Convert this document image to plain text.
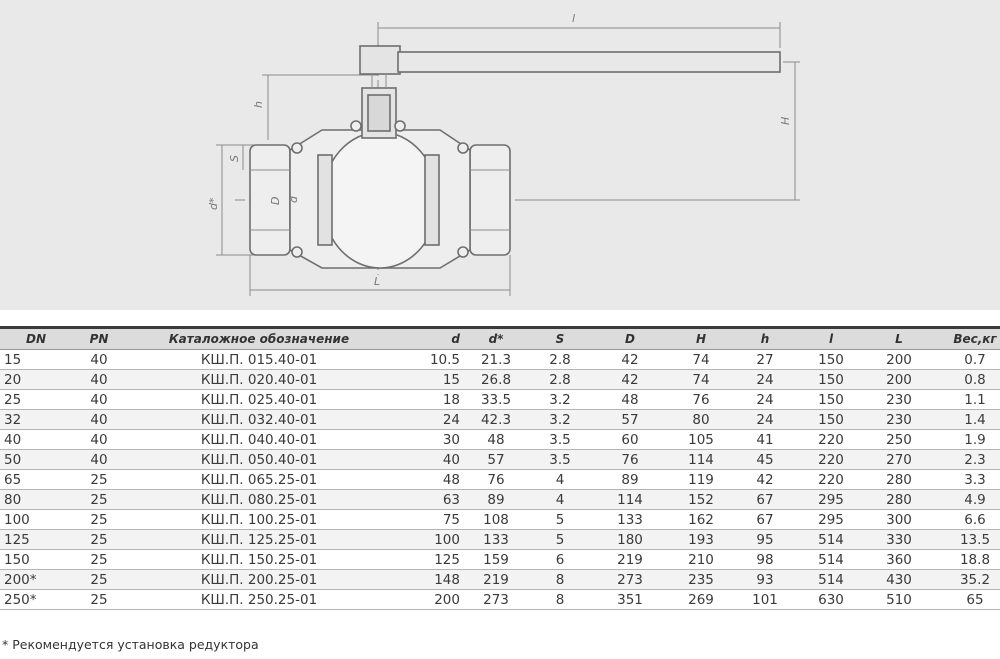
l
h
H
S
d*	D d
L
DN	PN	Каталожное обозначение	d	d*	S	D	H	h	l	L	Вес,кг
15	40	КШ.П. 015.40-01	10.5	21.3	2.8	42	74	27	150	200	0.7
20	40	КШ.П. 020.40-01	15	26.8	2.8	42	74	24	150	200	0.8
25	40	КШ.П. 025.40-01	18	33.5	3.2	48	76	24	150	230	1.1
32	40	КШ.П. 032.40-01	24	42.3	3.2	57	80	24	150	230	1.4
40	40	КШ.П. 040.40-01	30	48	3.5	60	105	41	220	250	1.9
50	40	КШ.П. 050.40-01	40	57	3.5	76	114	45	220	270	2.3
65	25	КШ.П. 065.25-01	48	76	4	89	119	42	220	280	3.3
80	25	КШ.П. 080.25-01	63	89	4	114	152	67	295	280	4.9
100	25	КШ.П. 100.25-01	75	108	5	133	162	67	295	300	6.6
125	25	КШ.П. 125.25-01	100	133	5	180	193	95	514	330	13.5
150	25	КШ.П. 150.25-01	125	159	6	219	210	98	514	360	18.8
200*	25	КШ.П. 200.25-01	148	219	8	273	235	93	514	430	35.2
250*	25	КШ.П. 250.25-01	200	273	8	351	269	101	630	510	65
* Рекомендуется установка редуктора
